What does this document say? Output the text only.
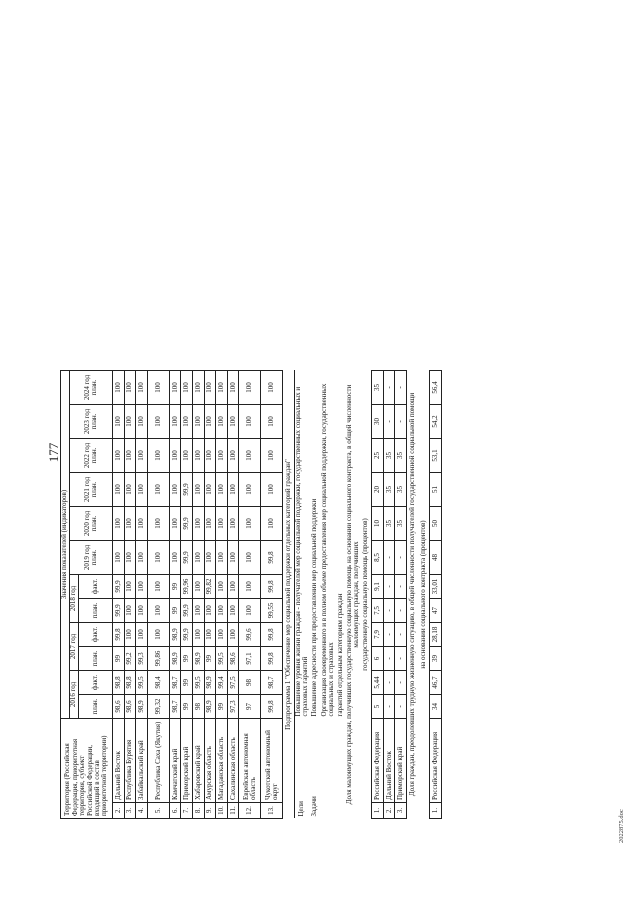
177
Территория (Российская Федерация, приоритетная территория, субъект Российской Федерации, входящий в состав приоритетной территории)		Значения показателей (индикаторов)											
		2016 год		2017 год		2018 год		2019 год план.	2020 год план.	2021 год план.	2022 год план.	2023 год план.	2024 год план.
		план.	факт.	план.	факт.	план.	факт.						
2.	Дальний Восток	98,6	98,8	99	99,8	99,9	99,9	100	100	100	100	100	100
3.	Республика Бурятия	98,6	98,8	99,2	100	100	100	100	100	100	100	100	100
4.	Забайкальский край	98,9	99,5	99,3	100	100	100	100	100	100	100	100	100
5.	Республика Саха (Якутия)	99,32	98,4	99,86	100	100	100	100	100	100	100	100	100
6.	Камчатский край	98,7	98,7	98,9	98,9	99	99	100	100	100	100	100	100
7.	Приморский край	99	99	99	99,9	99,9	99,96	99,9	99,9	99,9	100	100	100
8.	Хабаровский край	98	99,5	98,9	100	100	100	100	100	100	100	100	100
9.	Амурская область	98,9	98,9	99	100	100	99,82	100	100	100	100	100	100
10.	Магаданская область	99	99,4	99,5	100	100	100	100	100	100	100	100	100
11.	Сахалинская область	97,3	97,5	98,6	100	100	100	100	100	100	100	100	100
12.	Еврейская автономная область	97	98	97,1	99,6	100	100	100	100	100	100	100	100
13.	Чукотский автономный округ	99,8	98,7	99,8	99,8	99,55	99,8	99,8	100	100	100	100	100
Подпрограмма 1 "Обеспечение мер социальной поддержки отдельных категорий граждан"													
Цели		Повышение уровня жизни граждан - получателей мер социальной поддержки, государственных социальных и страховых гарантий											
Задачи		Повышение адресности при предоставлении мер социальной поддержки											
		Организация своевременного и в полном объеме предоставления мер социальной поддержки, государственных социальных и страховых											
		гарантий отдельным категориям граждан											
Доля малоимущих граждан, получивших государственную социальную помощь на основании социального контракта, в общей численности малоимущих граждан, получивших													
государственную социальную помощь (процентов)													
1.	Российская Федерация	5	5,44	6	7,9	7,5	9,1	8,5	10	20	25	30	35
2.	Дальний Восток	-	-	-	-	-	-	-	35	35	35	-	-
3.	Приморский край	-	-	-	-	-	-	-	35	35	35	-	-
Доля граждан, преодолевших трудную жизненную ситуацию, в общей численности получателей государственной социальной помощи													
на основании социального контракта (процентов)													
1.	Российская Федерация	34	46,7	39	28,18	47	33,01	48	50	51	53,1	54,2	56,4
2022875.doc
